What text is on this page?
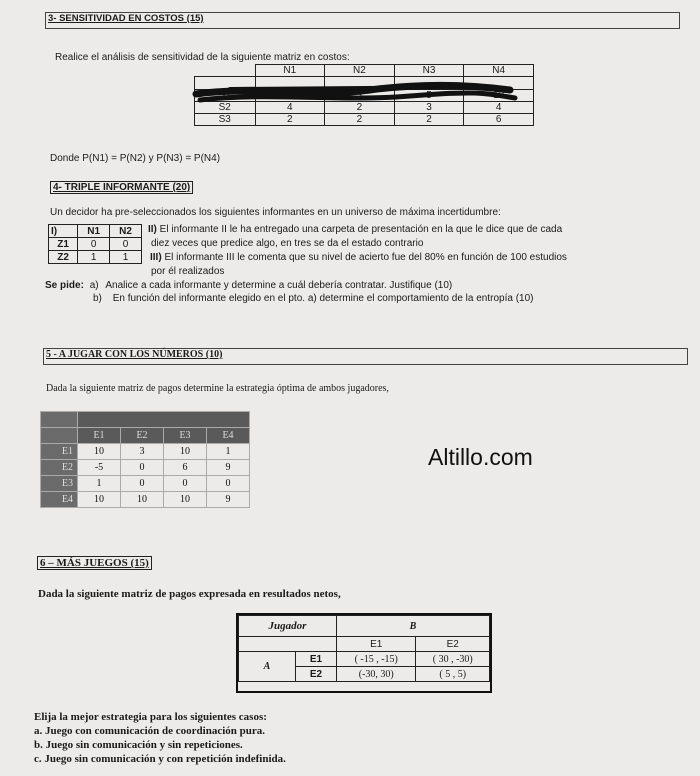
3- SENSITIVIDAD EN COSTOS (15)
Realice el análisis de sensitividad de la siguiente matriz en costos:
	N1	N2	N3	N4

S1	10	3	5	12
S2	4	2	3	4
S3	2	2	2	6
Donde P(N1) = P(N2) y P(N3) = P(N4)
4- TRIPLE INFORMANTE (20)
Un decidor ha pre-seleccionados los siguientes informantes en un universo de máxima incertidumbre:
I)	N1	N2
Z1	0	0
Z2	1	1
II) El informante II le ha entregado una carpeta de presentación en la que le dice que de cada
diez veces que predice algo, en tres se da el estado contrario
III) El informante III le comenta que su nivel de acierto fue del 80% en función de 100 estudios
por él realizados
Se pide: a) Analice a cada informante y determine a cuál debería contratar. Justifique (10)
b) En función del informante elegido en el pto. a) determine el comportamiento de la entropía (10)
5 - A JUGAR CON LOS NÚMEROS (10)
Dada la siguiente matriz de pagos determine la estrategia óptima de ambos jugadores,

	E1	E2	E3	E4
E1	10	3	10	1
E2	-5	0	6	9
E3	1	0	0	0
E4	10	10	10	9
Altillo.com
6 – MÁS JUEGOS (15)
Dada la siguiente matriz de pagos expresada en resultados netos,
Jugador		B	
		E1	E2
A	E1	( -15 , -15)	( 30 , -30)
	E2	(-30, 30)	( 5 , 5)
Elija la mejor estrategia para los siguientes casos:
a. Juego con comunicación de coordinación pura.
b. Juego sin comunicación y sin repeticiones.
c. Juego sin comunicación y con repetición indefinida.
